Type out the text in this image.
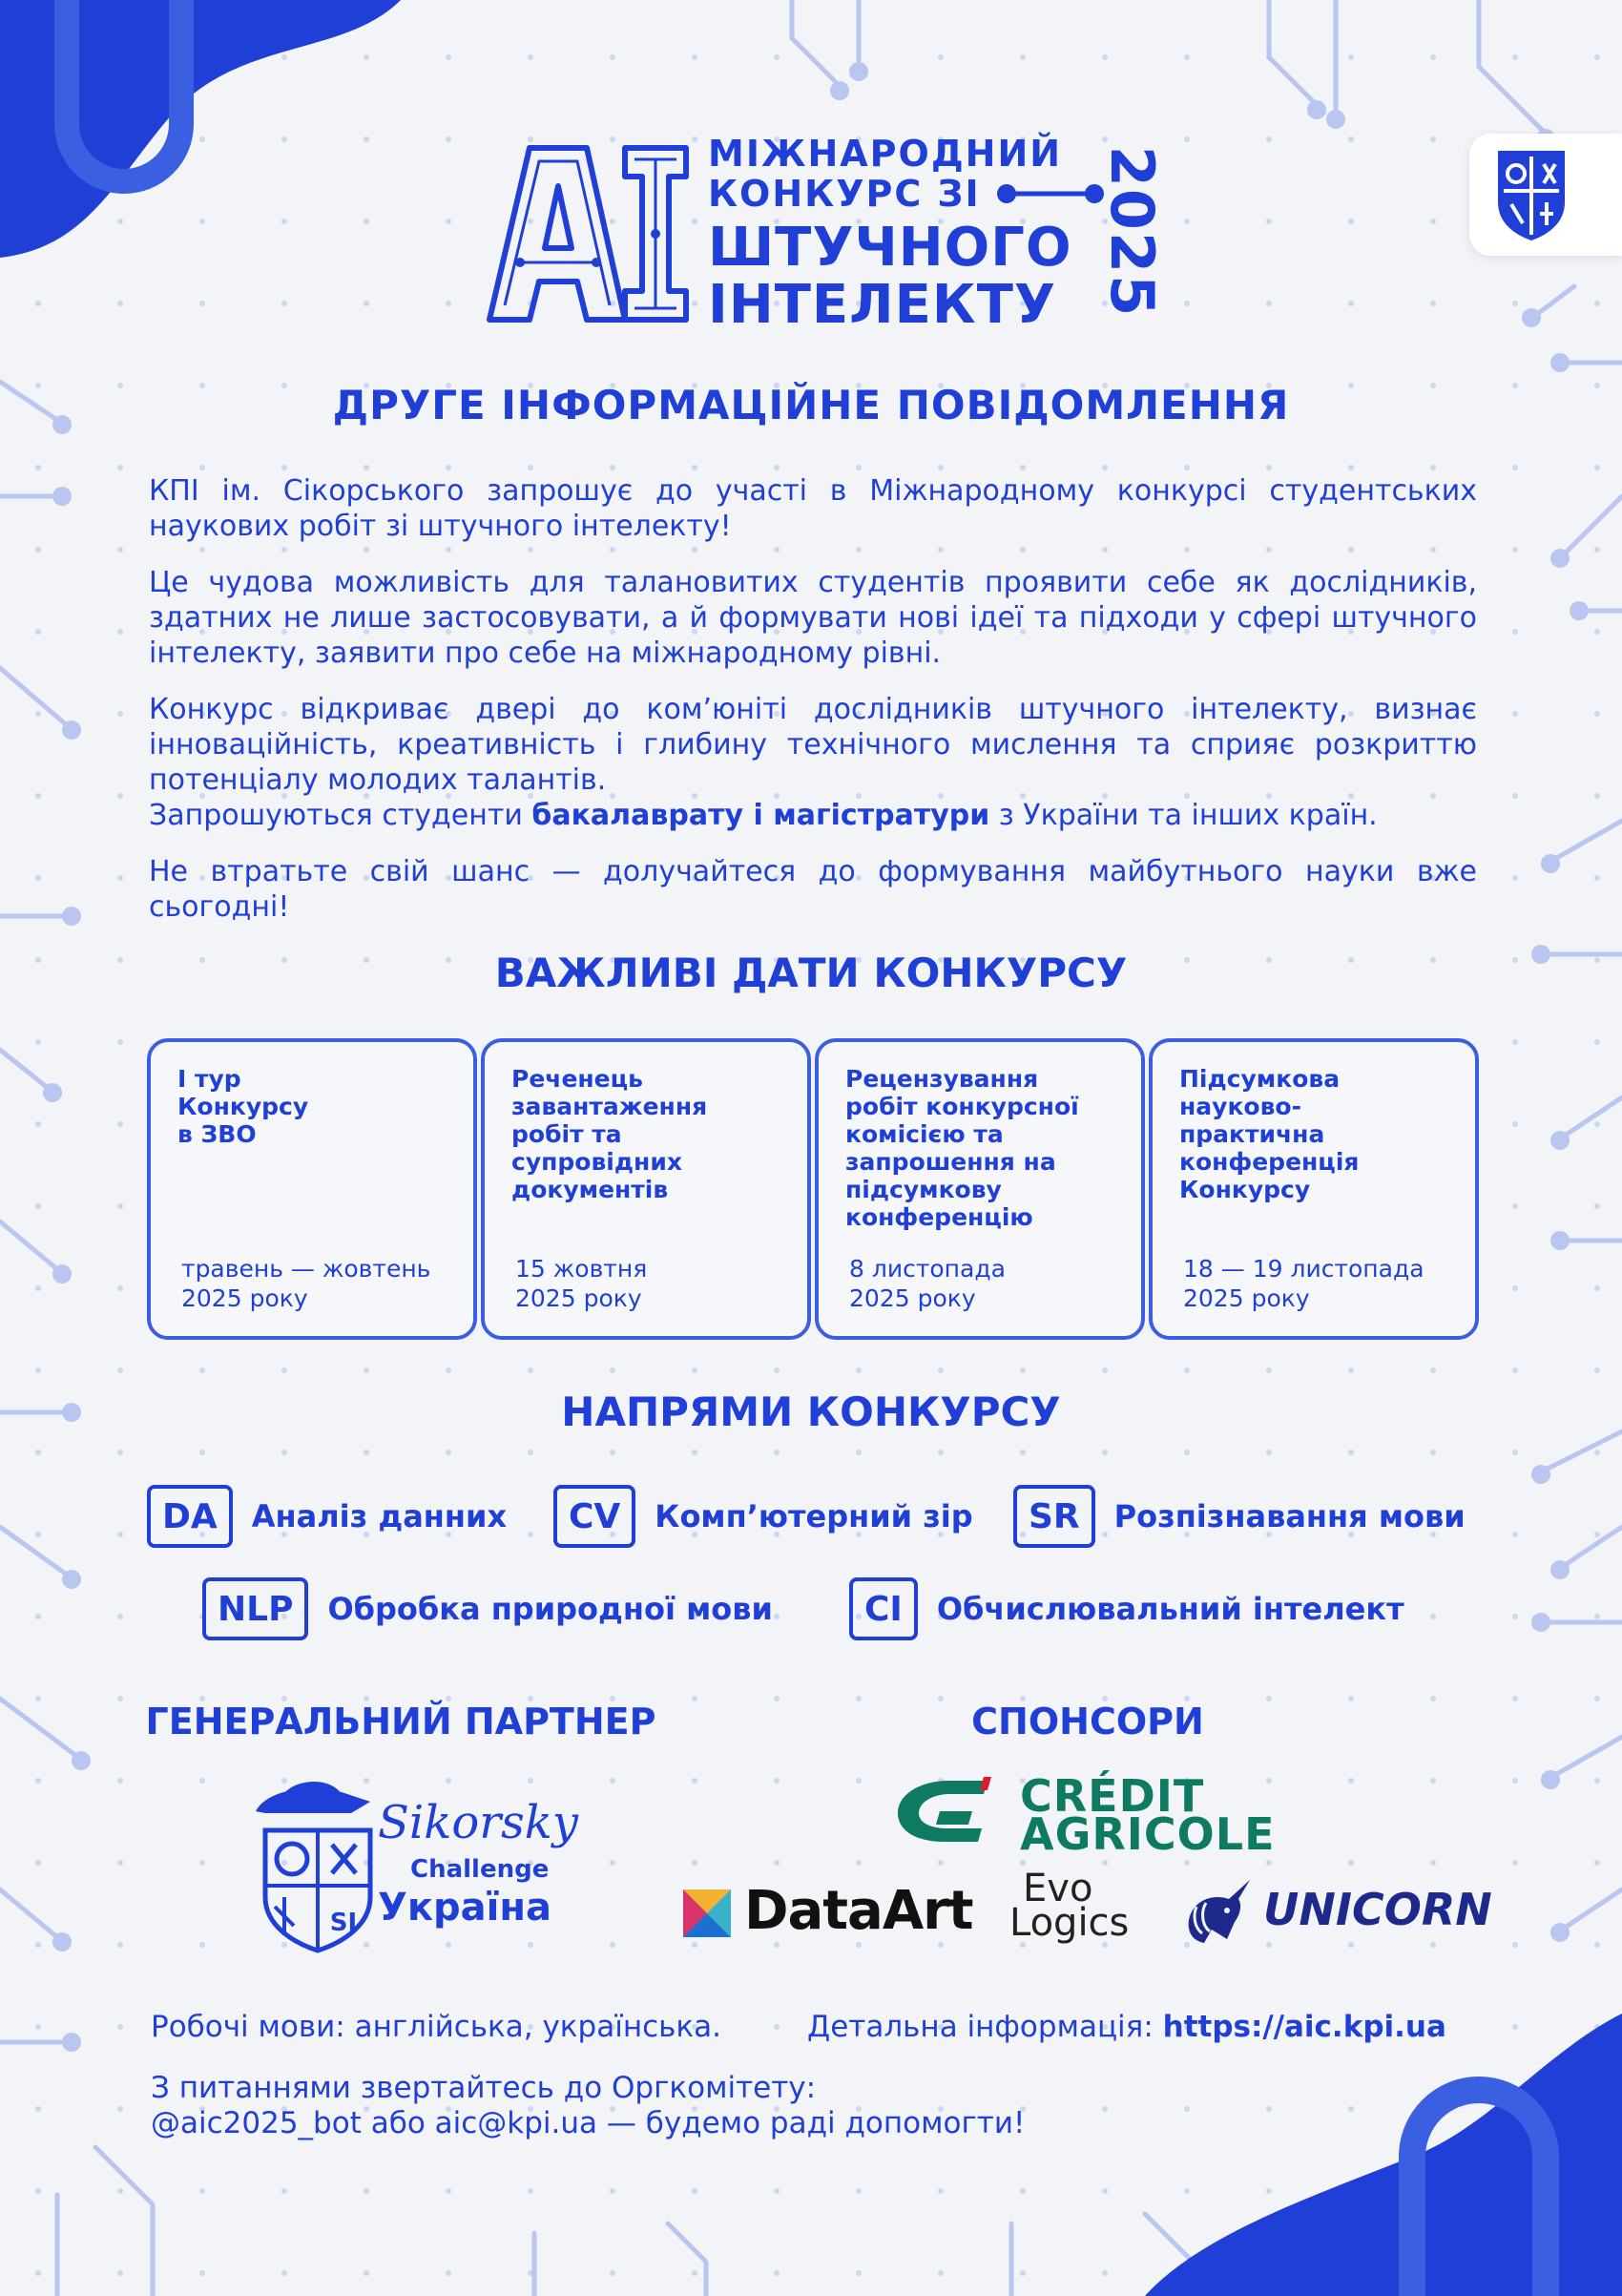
МІЖНАРОДНИЙ
КОНКУРС ЗІ
ШТУЧНОГО
ІНТЕЛЕКТУ 2025
ДРУГЕ ІНФОРМАЦІЙНЕ ПОВІДОМЛЕННЯ

КПІ ім. Сікорського запрошує до участі в Міжнародному конкурсі студентських наукових робіт зі штучного інтелекту!

Це чудова можливість для талановитих студентів проявити себе як дослідників, здатних не лише застосовувати, а й формувати нові ідеї та підходи у сфері штучного інтелекту, заявити про себе на міжнародному рівні.

Конкурс відкриває двері до ком’юніті дослідників штучного інтелекту, визнає інноваційність, креативність і глибину технічного мислення та сприяє розкриттю потенціалу молодих талантів.

Запрошуються студенти бакалаврату і магістратури з України та інших країн.

Не втратьте свій шанс — долучайтеся до формування майбутнього науки вже сьогодні!

ВАЖЛИВІ ДАТИ КОНКУРСУ
І тур
Конкурсу
в ЗВО
травень — жовтень
2025 року
Реченець
завантаження
робіт та
супровідних
документів
15 жовтня
2025 року
Рецензування
робіт конкурсної
комісією та
запрошення на
підсумкову
конференцію
8 листопада
2025 року
Підсумкова
науково-
практична
конференція
Конкурсу
18 — 19 листопада
2025 року
НАПРЯМИ КОНКУРСУ
DA	Аналіз данних	CV	Комп’ютерний зір	SR	Розпізнавання мови
NLP	Обробка природної мови	CI	Обчислювальний інтелект
ГЕНЕРАЛЬНИЙ ПАРТНЕР	СПОНСОРИ
SI
Sikorsky
Challenge
Україна
CRÉDIT
AGRICOLE
DataArt Evo
Logics	UNICORN
Робочі мови: англійська, українська.	Детальна інформація: https://aic.kpi.ua
З питаннями звертайтесь до Оргкомітету:
@aic2025_bot або aic@kpi.ua — будемо раді допомогти!
